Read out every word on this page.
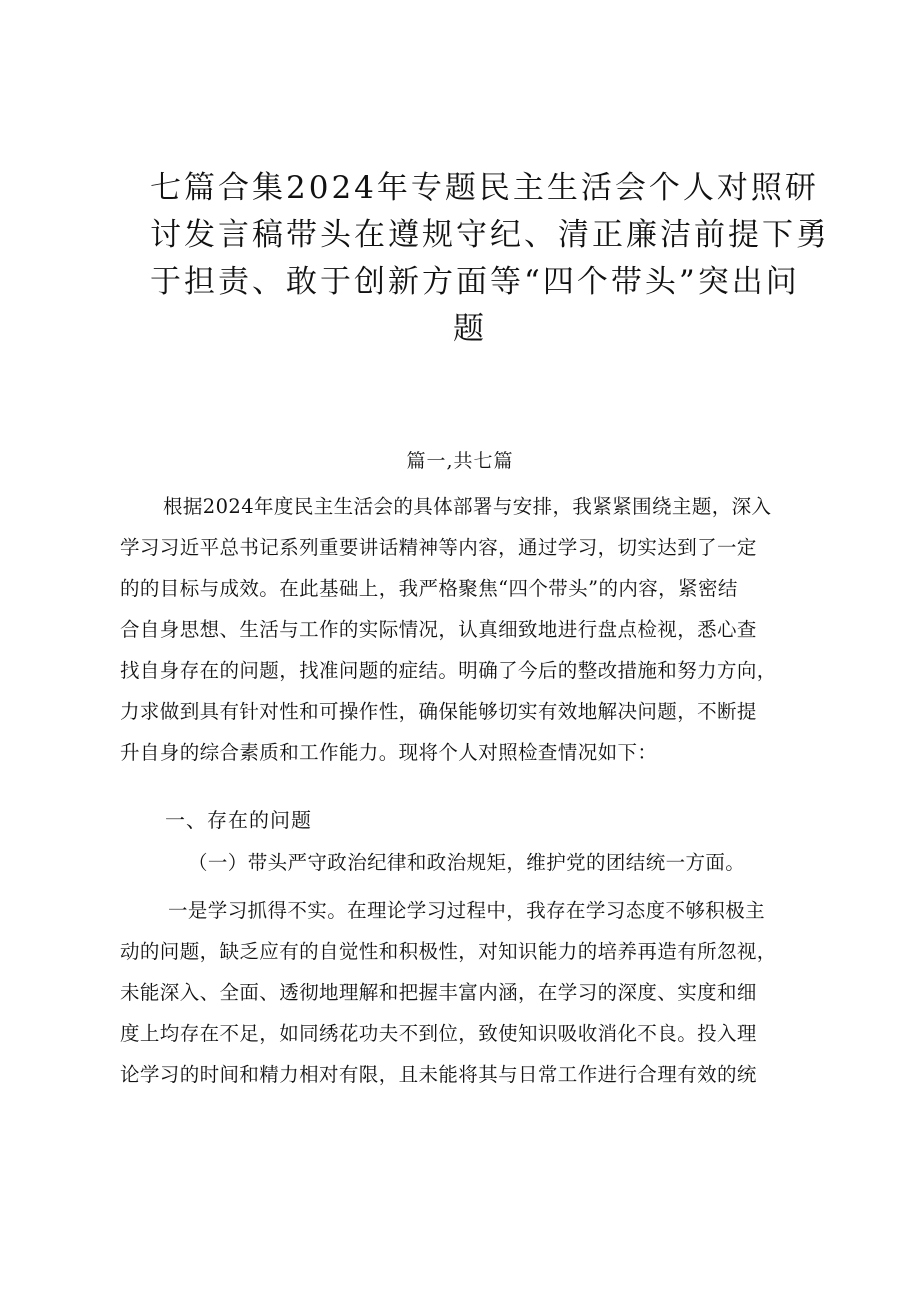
七篇合集2024年专题民主生活会个人对照研
讨发言稿带头在遵规守纪、清正廉洁前提下勇
于担责、敢于创新方面等“四个带头”突出问
题
篇一,共七篇
根据2024年度民主生活会的具体部署与安排，我紧紧围绕主题，深入
学习习近平总书记系列重要讲话精神等内容，通过学习，切实达到了一定
的的目标与成效。在此基础上，我严格聚焦“四个带头”的内容，紧密结
合自身思想、生活与工作的实际情况，认真细致地进行盘点检视，悉心查
找自身存在的问题，找准问题的症结。明确了今后的整改措施和努力方向，
力求做到具有针对性和可操作性，确保能够切实有效地解决问题，不断提
升自身的综合素质和工作能力。现将个人对照检查情况如下：
一、存在的问题
（一）带头严守政治纪律和政治规矩，维护党的团结统一方面。
一是学习抓得不实。在理论学习过程中，我存在学习态度不够积极主
动的问题，缺乏应有的自觉性和积极性，对知识能力的培养再造有所忽视，
未能深入、全面、透彻地理解和把握丰富内涵，在学习的深度、实度和细
度上均存在不足，如同绣花功夫不到位，致使知识吸收消化不良。投入理
论学习的时间和精力相对有限，且未能将其与日常工作进行合理有效的统
